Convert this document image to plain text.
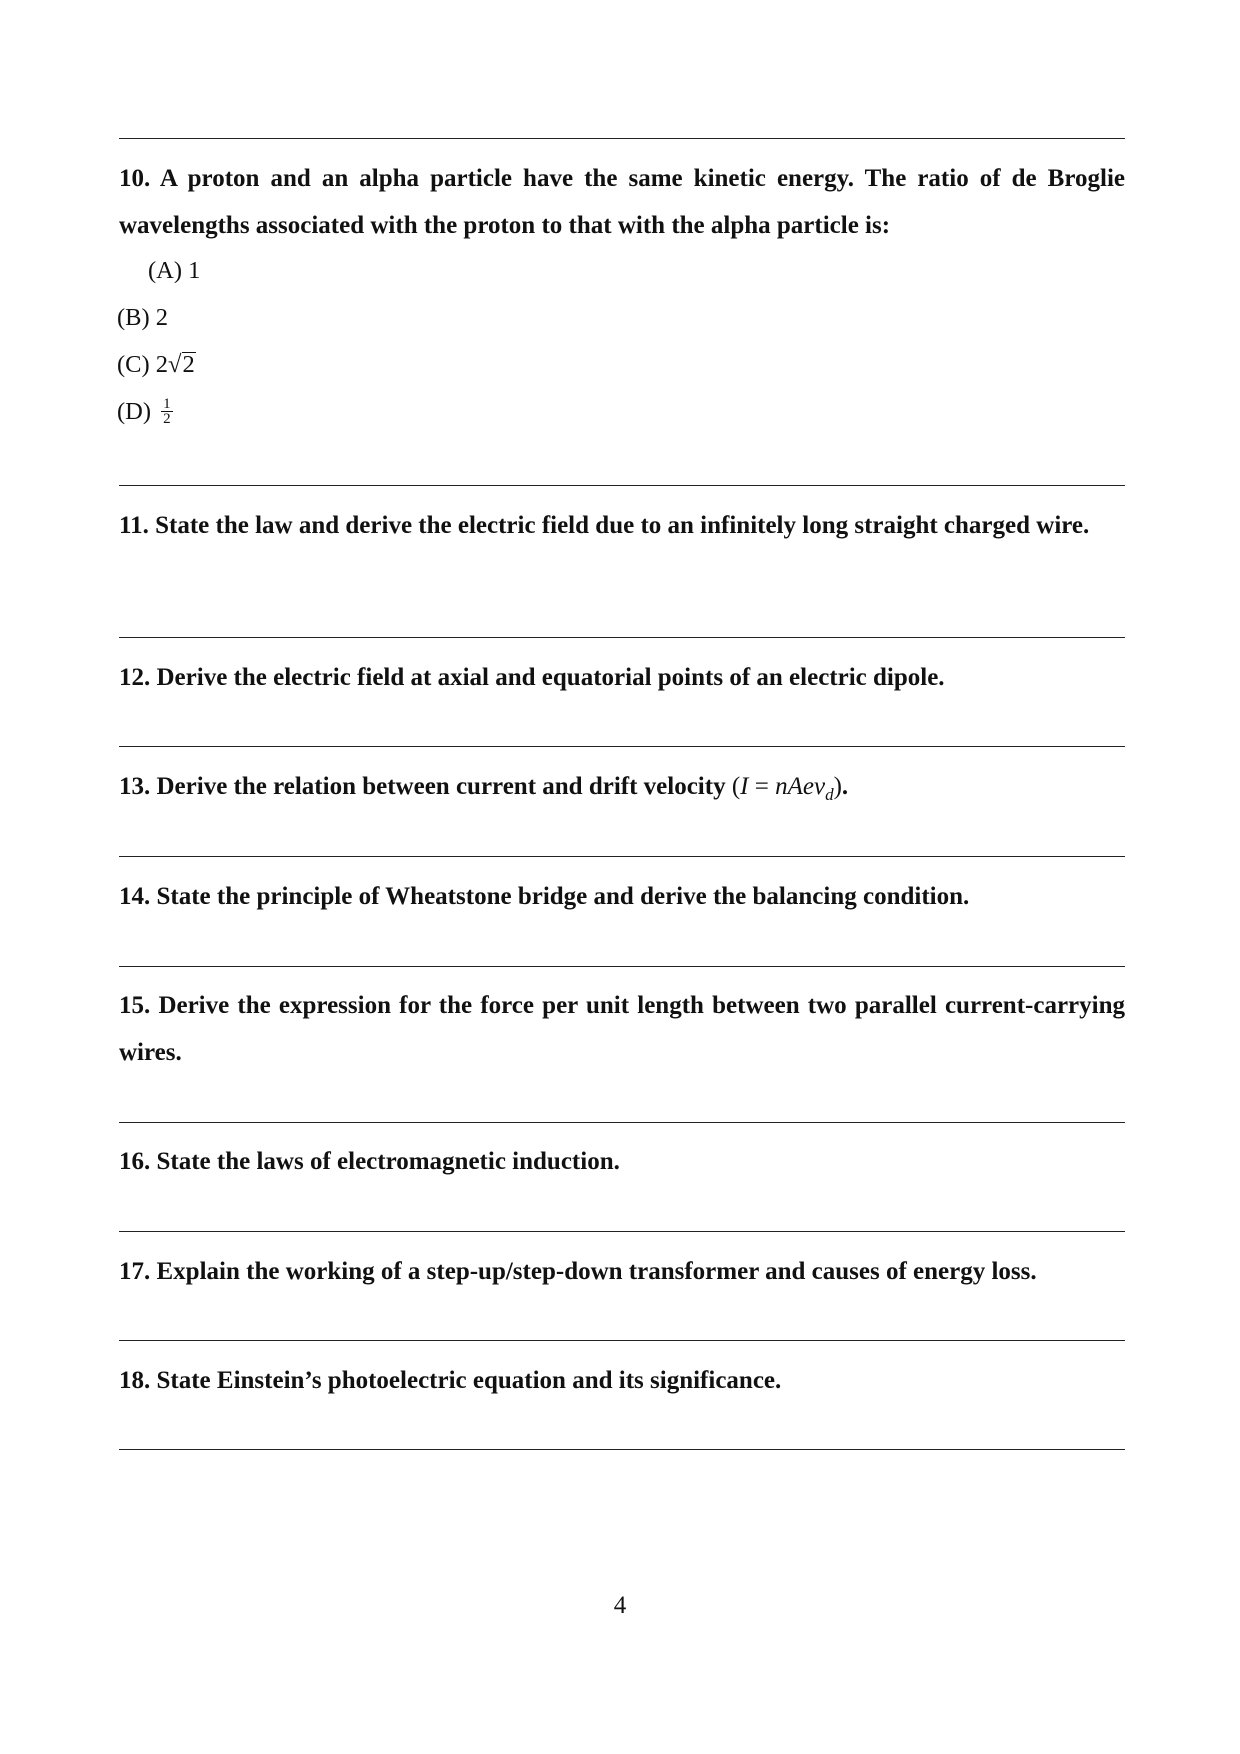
10. A proton and an alpha particle have the same kinetic energy. The ratio of de Broglie wavelengths associated with the proton to that with the alpha particle is:

(A) 1

(B) 2

(C) 2√2

$(D) \frac{1}{2}$

11. State the law and derive the electric field due to an infinitely long straight charged wire.

12. Derive the electric field at axial and equatorial points of an electric dipole.

13. Derive the relation between current and drift velocity (I = nAev$_d$).

14. State the principle of Wheatstone bridge and derive the balancing condition.

15. Derive the expression for the force per unit length between two parallel current-carrying wires.

16. State the laws of electromagnetic induction.

17. Explain the working of a step-up/step-down transformer and causes of energy loss.

18. State Einstein’s photoelectric equation and its significance.

4
